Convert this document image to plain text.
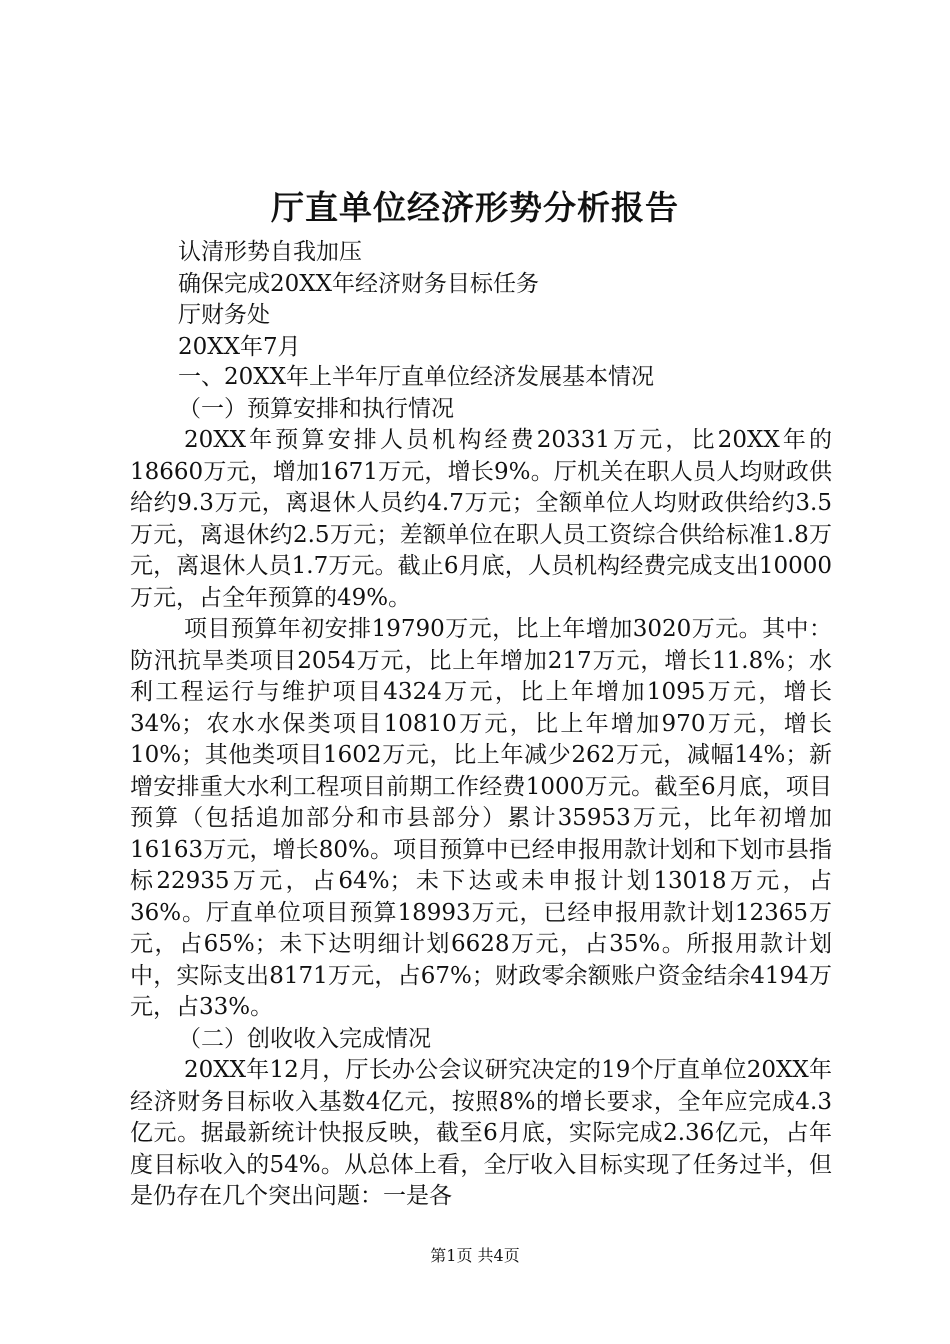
厅直单位经济形势分析报告
认清形势自我加压
确保完成20XX年经济财务目标任务
厅财务处
20XX年7月
一、20XX年上半年厅直单位经济发展基本情况
（一）预算安排和执行情况

20XX年预算安排人员机构经费20331万元，比20XX年的18660万元，增加1671万元，增长9%。厅机关在职人员人均财政供给约9.3万元，离退休人员约4.7万元；全额单位人均财政供给约3.5万元，离退休约2.5万元；差额单位在职人员工资综合供给标准1.8万元，离退休人员1.7万元。截止6月底，人员机构经费完成支出10000万元，占全年预算的49%。

项目预算年初安排19790万元，比上年增加3020万元。其中：防汛抗旱类项目2054万元，比上年增加217万元，增长11.8%；水利工程运行与维护项目4324万元，比上年增加1095万元，增长34%；农水水保类项目10810万元，比上年增加970万元，增长10%；其他类项目1602万元，比上年减少262万元，减幅14%；新增安排重大水利工程项目前期工作经费1000万元。截至6月底，项目预算（包括追加部分和市县部分）累计35953万元，比年初增加16163万元，增长80%。项目预算中已经申报用款计划和下划市县指标22935万元，占64%；未下达或未申报计划13018万元，占36%。厅直单位项目预算18993万元，已经申报用款计划12365万元，占65%；未下达明细计划6628万元，占35%。所报用款计划中，实际支出8171万元，占67%；财政零余额账户资金结余4194万元，占33%。

（二）创收收入完成情况

20XX年12月，厅长办公会议研究决定的19个厅直单位20XX年经济财务目标收入基数4亿元，按照8%的增长要求，全年应完成4.3亿元。据最新统计快报反映，截至6月底，实际完成2.36亿元，占年度目标收入的54%。从总体上看，全厅收入目标实现了任务过半，但是仍存在几个突出问题：一是各

第1页 共4页
